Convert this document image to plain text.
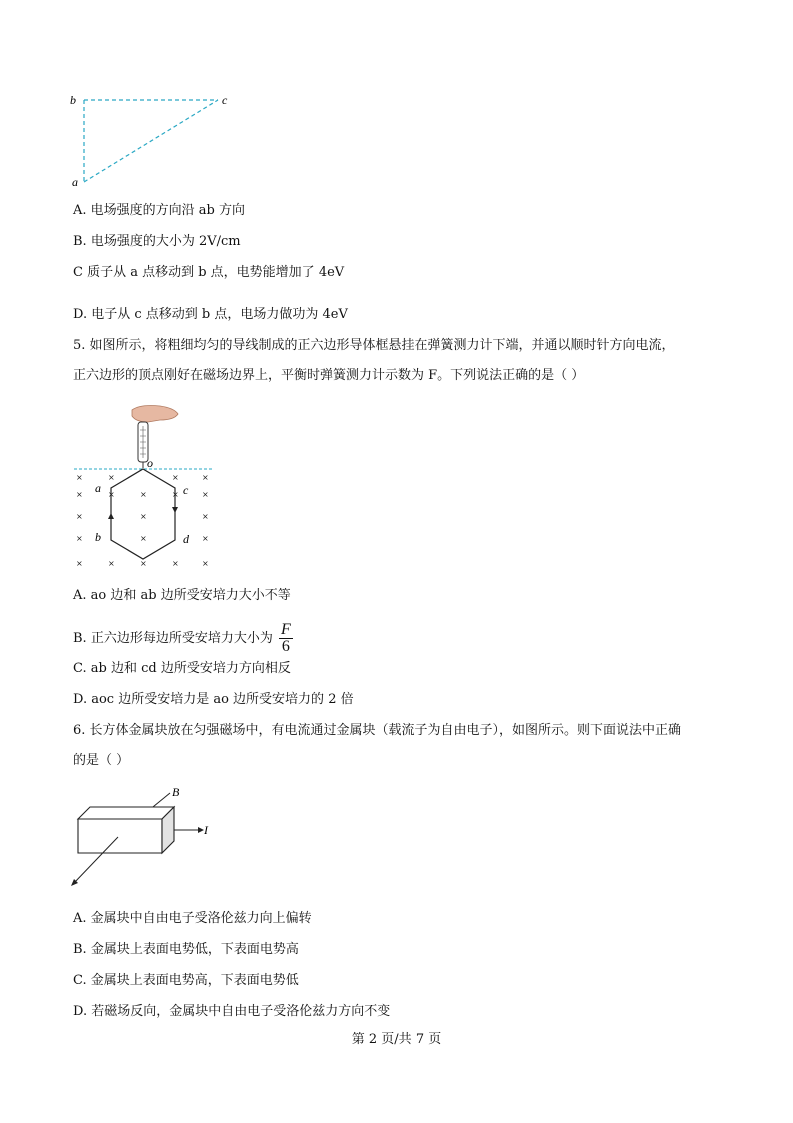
b	c
a
A. 电场强度的方向沿 ab 方向
B. 电场强度的大小为 2V/cm
C 质子从 a 点移动到 b 点，电势能增加了 4eV
D. 电子从 c 点移动到 b 点，电场力做功为 4eV
5. 如图所示，将粗细均匀的导线制成的正六边形导体框悬挂在弹簧测力计下端，并通以顺时针方向电流，
正六边形的顶点刚好在磁场边界上，平衡时弹簧测力计示数为 F。下列说法正确的是（ ）
×	×	×	×
×	×	×	×	×
×	×	×
×	×	×
×	×	×	×	×
o
a	c
b	d
A. ao 边和 ab 边所受安培力大小不等
B. 正六边形每边所受安培力大小为 $\frac{F}{6}$
C. ab 边和 cd 边所受安培力方向相反
D. aoc 边所受安培力是 ao 边所受安培力的 2 倍
6. 长方体金属块放在匀强磁场中，有电流通过金属块（载流子为自由电子），如图所示。则下面说法中正确
的是（ ）
B
I
A. 金属块中自由电子受洛伦兹力向上偏转
B. 金属块上表面电势低，下表面电势高
C. 金属块上表面电势高，下表面电势低
D. 若磁场反向，金属块中自由电子受洛伦兹力方向不变
第 2 页/共 7 页
